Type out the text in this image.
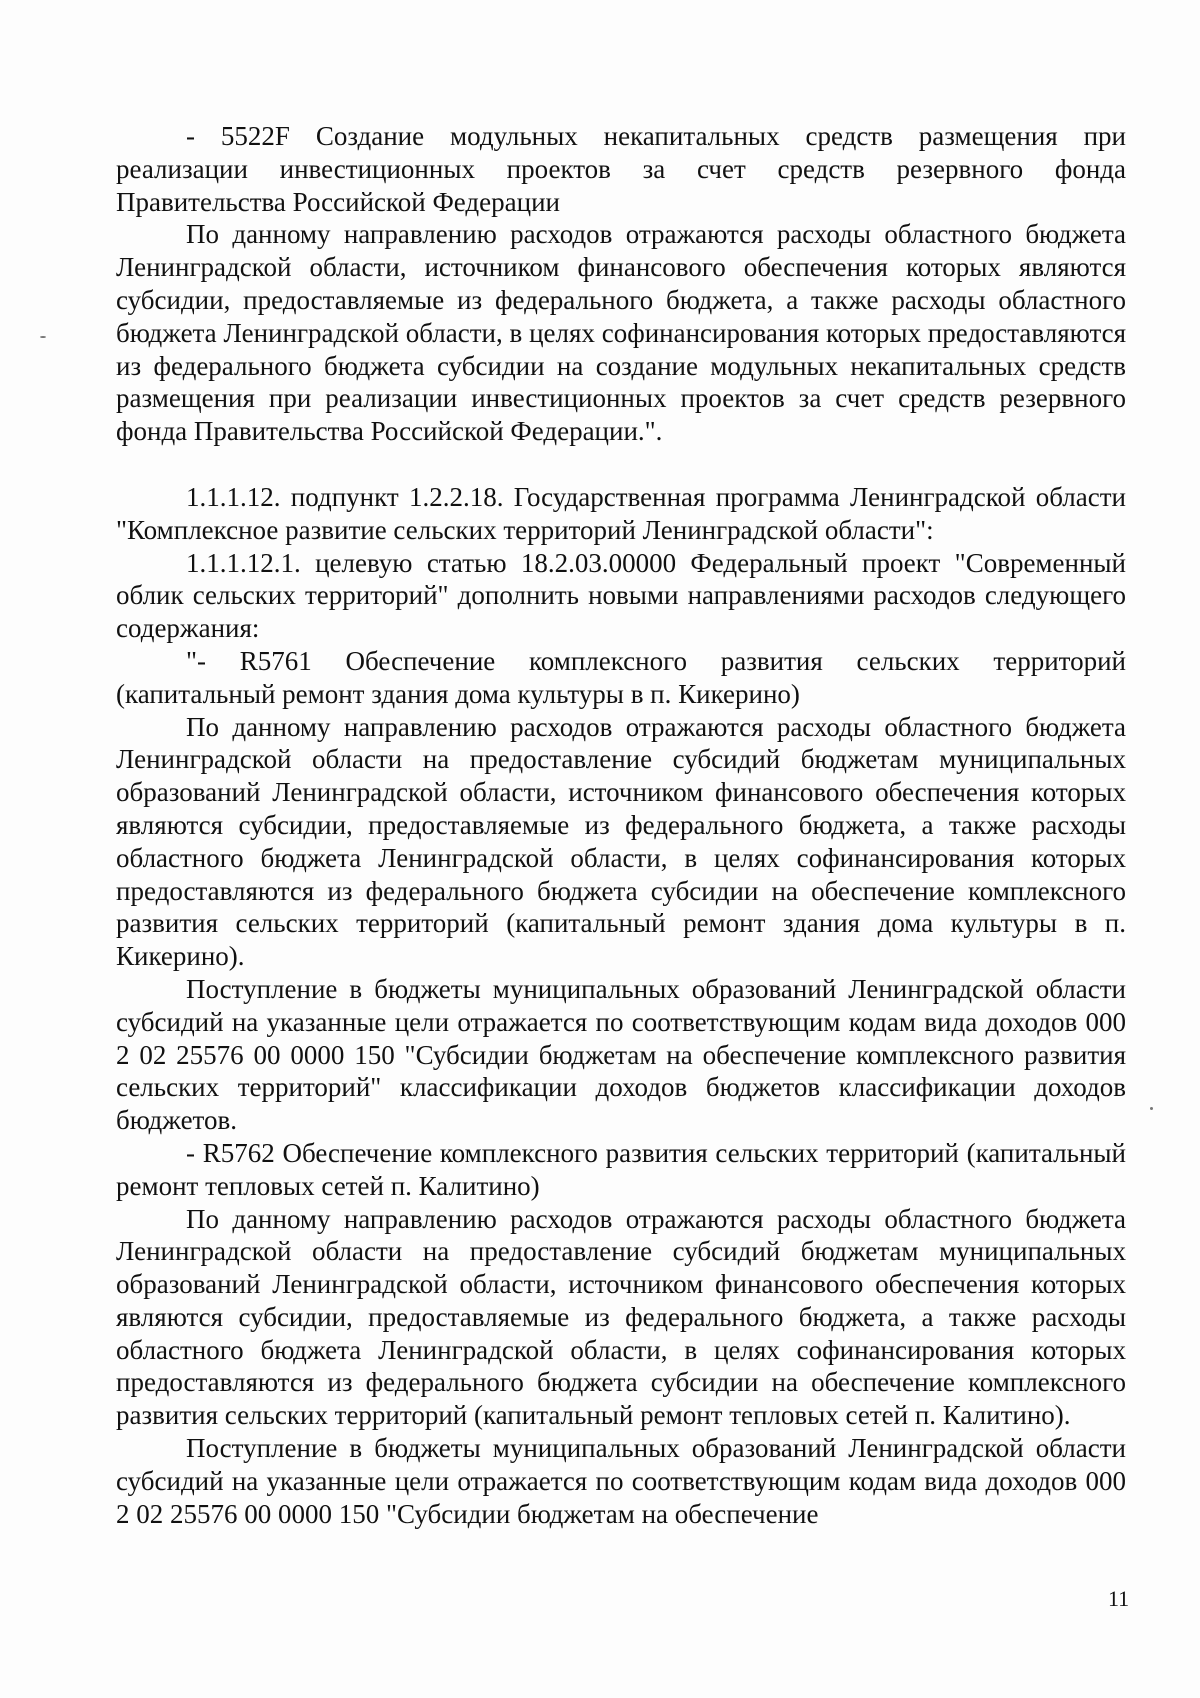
- 5522F Создание модульных некапитальных средств размещения при реализации инвестиционных проектов за счет средств резервного фонда Правительства Российской Федерации

По данному направлению расходов отражаются расходы областного бюджета Ленинградской области, источником финансового обеспечения которых являются субсидии, предоставляемые из федерального бюджета, а также расходы областного бюджета Ленинградской области, в целях софинансирования которых предоставляются из федерального бюджета субсидии на создание модульных некапитальных средств размещения при реализации инвестиционных проектов за счет средств резервного фонда Правительства Российской Федерации.".

1.1.1.12. подпункт 1.2.2.18. Государственная программа Ленинградской области "Комплексное развитие сельских территорий Ленинградской области":

1.1.1.12.1. целевую статью 18.2.03.00000 Федеральный проект "Современный облик сельских территорий" дополнить новыми направлениями расходов следующего содержания:

"- R5761 Обеспечение комплексного развития сельских территорий (капитальный ремонт здания дома культуры в п. Кикерино)

По данному направлению расходов отражаются расходы областного бюджета Ленинградской области на предоставление субсидий бюджетам муниципальных образований Ленинградской области, источником финансового обеспечения которых являются субсидии, предоставляемые из федерального бюджета, а также расходы областного бюджета Ленинградской области, в целях софинансирования которых предоставляются из федерального бюджета субсидии на обеспечение комплексного развития сельских территорий (капитальный ремонт здания дома культуры в п. Кикерино).

Поступление в бюджеты муниципальных образований Ленинградской области субсидий на указанные цели отражается по соответствующим кодам вида доходов 000 2 02 25576 00 0000 150 "Субсидии бюджетам на обеспечение комплексного развития сельских территорий" классификации доходов бюджетов классификации доходов бюджетов.

- R5762 Обеспечение комплексного развития сельских территорий (капитальный ремонт тепловых сетей п. Калитино)

По данному направлению расходов отражаются расходы областного бюджета Ленинградской области на предоставление субсидий бюджетам муниципальных образований Ленинградской области, источником финансового обеспечения которых являются субсидии, предоставляемые из федерального бюджета, а также расходы областного бюджета Ленинградской области, в целях софинансирования которых предоставляются из федерального бюджета субсидии на обеспечение комплексного развития сельских территорий (капитальный ремонт тепловых сетей п. Калитино).

Поступление в бюджеты муниципальных образований Ленинградской области субсидий на указанные цели отражается по соответствующим кодам вида доходов 000 2 02 25576 00 0000 150 "Субсидии бюджетам на обеспечение

11
